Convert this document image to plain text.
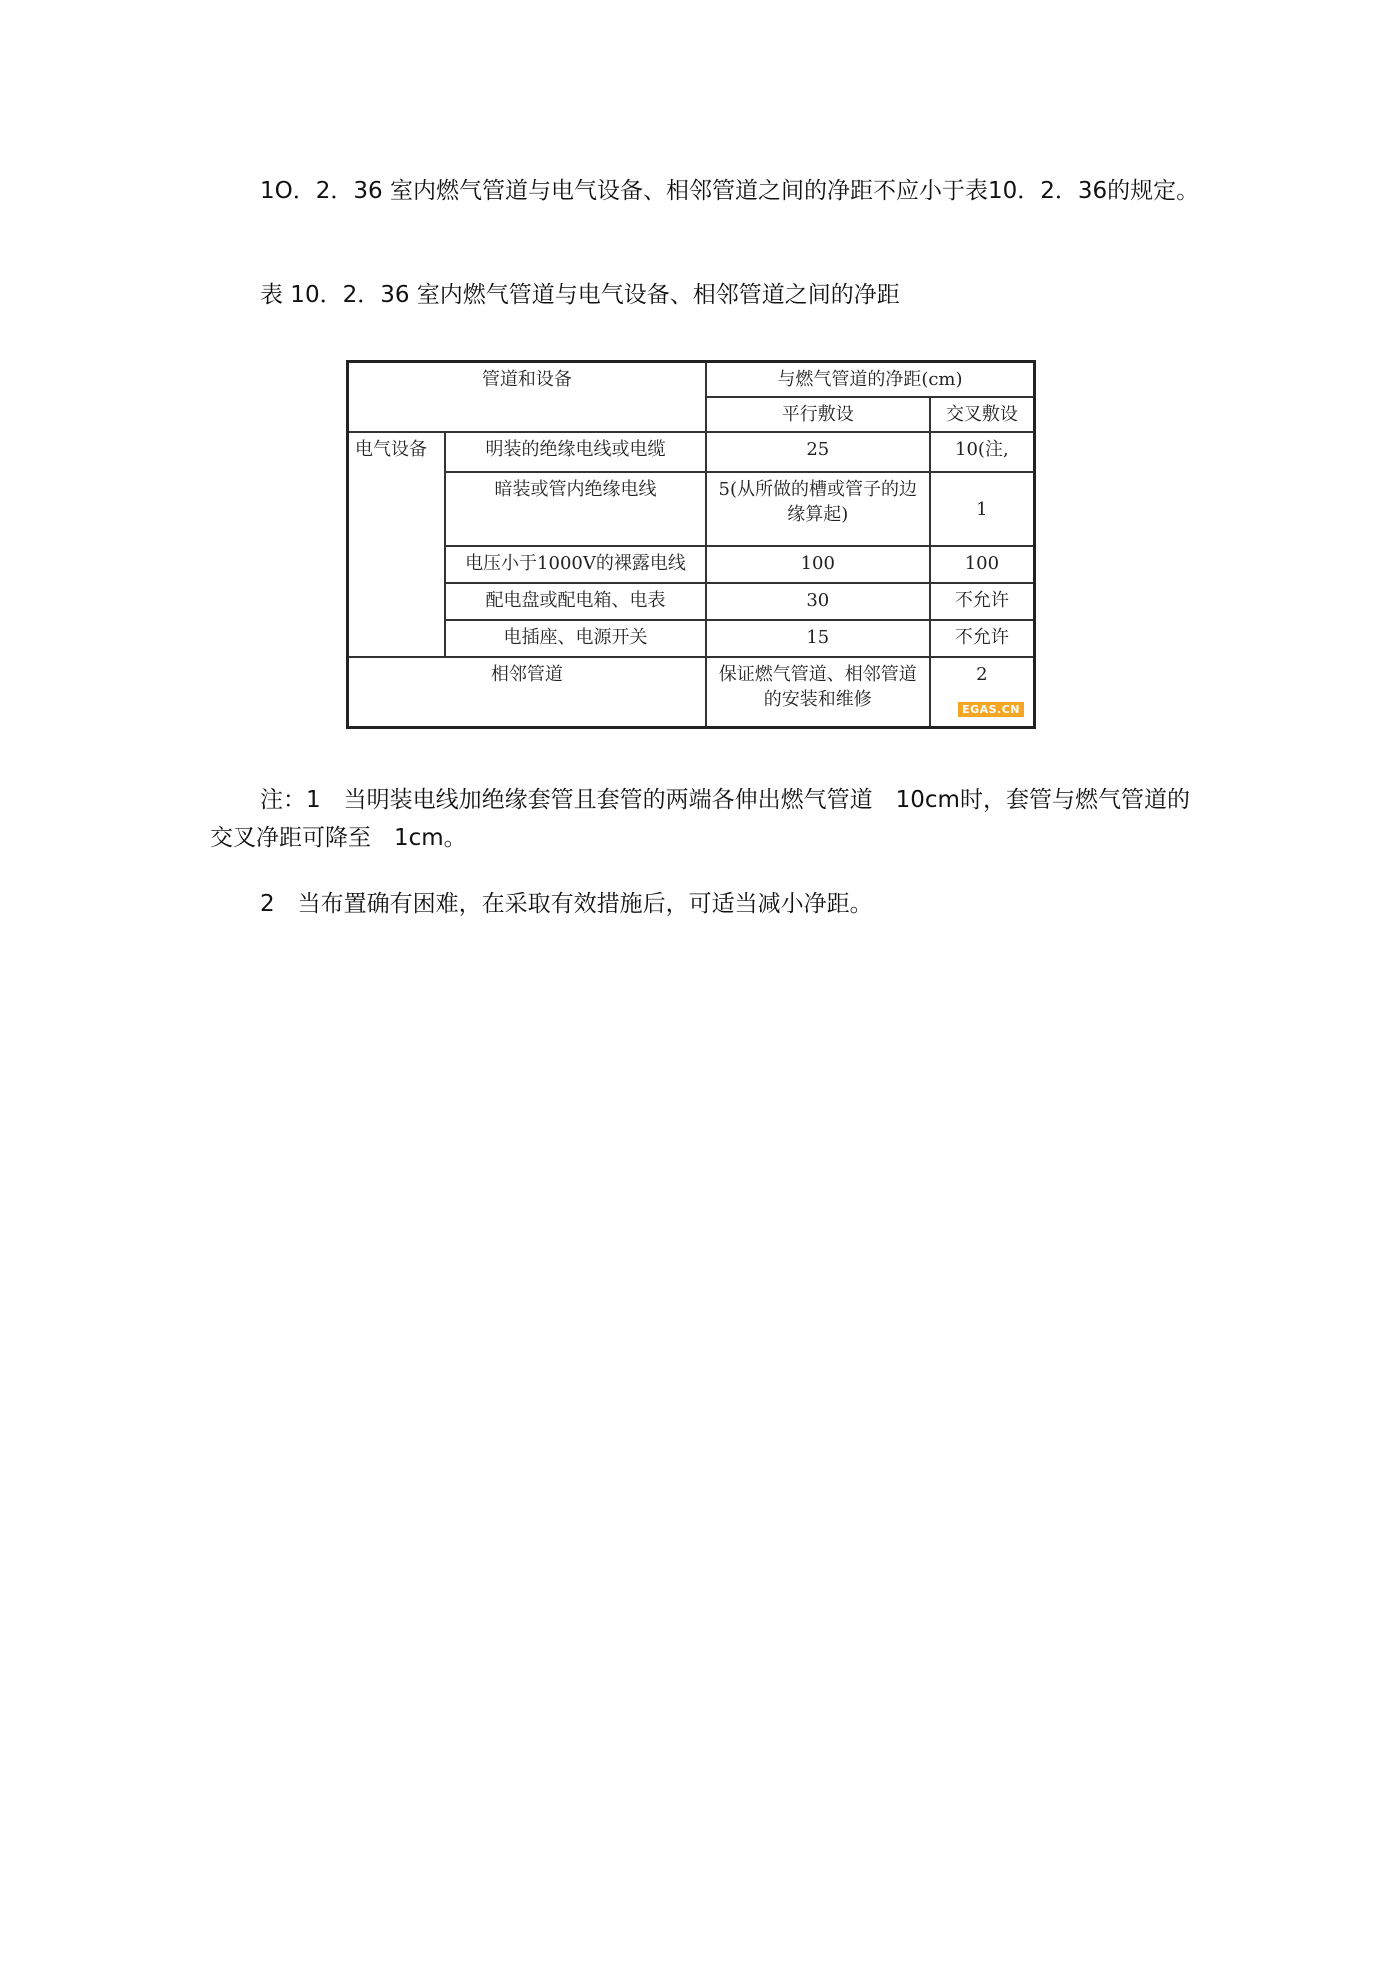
1O．2．36 室内燃气管道与电气设备、相邻管道之间的净距不应小于表10．2．36的规定。

表 10．2．36 室内燃气管道与电气设备、相邻管道之间的净距

管道和设备		与燃气管道的净距(cm)	
		平行敷设	交叉敷设
电气设备	明装的绝缘电线或电缆	25	10(注,
	暗装或管内绝缘电线	5(从所做的槽或管子的边缘算起)	1
	电压小于1000V的裸露电线	100	100
	配电盘或配电箱、电表	30	不允许
	电插座、电源开关	15	不允许
相邻管道		保证燃气管道、相邻管道的安装和维修	2
EGAS.CN

注：1　当明装电线加绝缘套管且套管的两端各伸出燃气管道　10cm时，套管与燃气管道的交叉净距可降至　1cm。

2　当布置确有困难，在采取有效措施后，可适当减小净距。
